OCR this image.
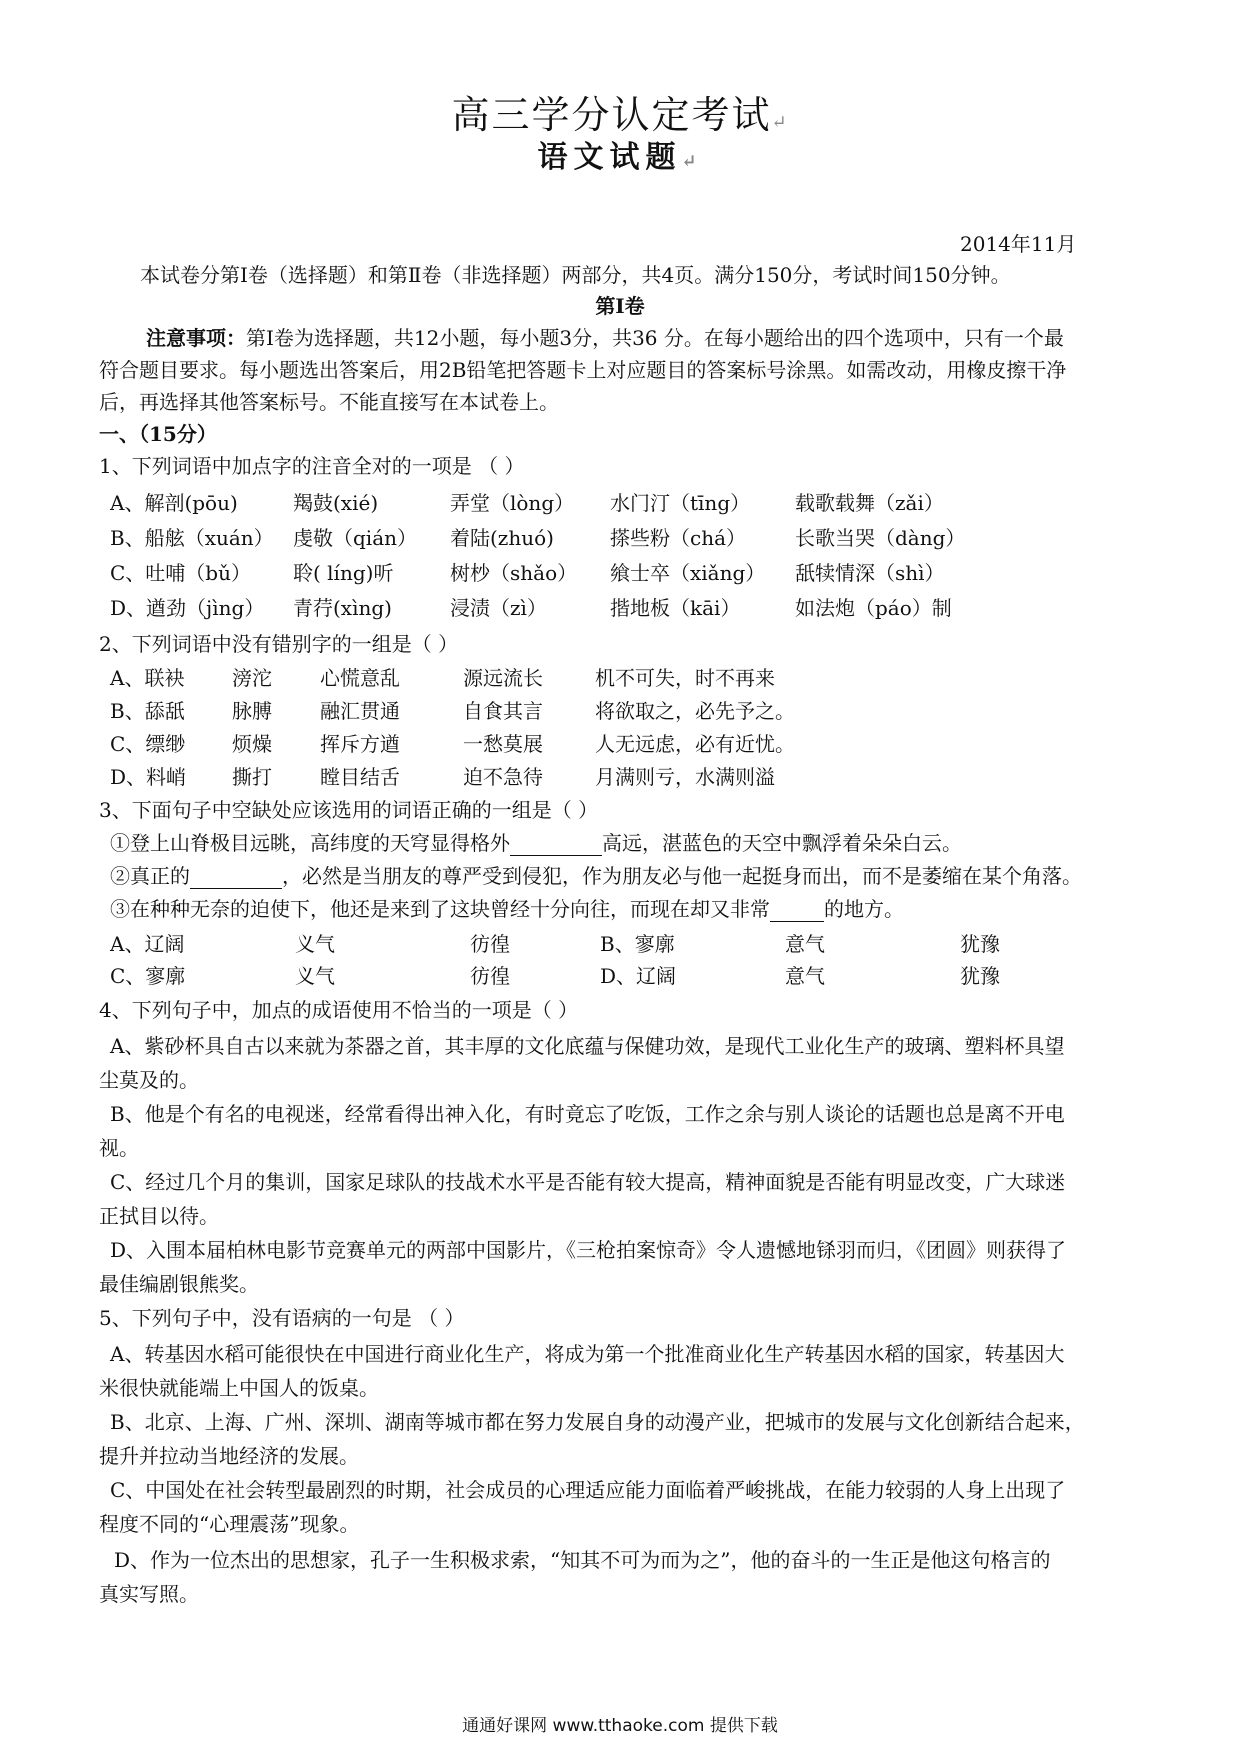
高三学分认定考试↵
语文试题↵
2014年11月
本试卷分第Ⅰ卷（选择题）和第Ⅱ卷（非选择题）两部分，共4页。满分150分，考试时间150分钟。
第Ⅰ卷
注意事项：第Ⅰ卷为选择题，共12小题，每小题3分，共36 分。在每小题给出的四个选项中，只有一个最
符合题目要求。每小题选出答案后，用2B铅笔把答题卡上对应题目的答案标号涂黑。如需改动，用橡皮擦干净
后，再选择其他答案标号。不能直接写在本试卷上。
一、（15分）
1、下列词语中加点字的注音全对的一项是 （ ）
A、解剖(pōu)	羯鼓(xié)	弄堂（lòng） 水门汀（tīng） 载歌载舞（zǎi）
B、船舷（xuán） 虔敬（qián） 着陆(zhuó)	搽些粉（chá） 长歌当哭（dàng）
C、吐哺（bǔ） 聆( líng)听	树杪（shǎo） 飨士卒（xiǎng） 舐犊情深（shì）
D、遒劲（jìng） 青荇(xìng)	浸渍（zì）	揩地板（kāi）	如法炮（páo）制
2、下列词语中没有错别字的一组是（ ）
A、联袂 滂沱 心慌意乱	源远流长	机不可失，时不再来
B、舔舐 脉膊 融汇贯通	自食其言	将欲取之，必先予之。
C、缥缈 烦燥 挥斥方遒	一愁莫展	人无远虑，必有近忧。
D、料峭 撕打 瞠目结舌	迫不急待	月满则亏，水满则溢
3、下面句子中空缺处应该选用的词语正确的一组是（ ）
①登上山脊极目远眺，高纬度的天穹显得格外	高远，湛蓝色的天空中飘浮着朵朵白云。
②真正的	，必然是当朋友的尊严受到侵犯，作为朋友必与他一起挺身而出，而不是萎缩在某个角落。
③在种种无奈的迫使下，他还是来到了这块曾经十分向往，而现在却又非常	的地方。
A、辽阔	义气	彷徨	B、寥廓	意气	犹豫
C、寥廓	义气	彷徨	D、辽阔	意气	犹豫
4、下列句子中，加点的成语使用不恰当的一项是（ ）
A、紫砂杯具自古以来就为茶器之首，其丰厚的文化底蕴与保健功效，是现代工业化生产的玻璃、塑料杯具望
尘莫及的。
B、他是个有名的电视迷，经常看得出神入化，有时竟忘了吃饭，工作之余与别人谈论的话题也总是离不开电
视。
C、经过几个月的集训，国家足球队的技战术水平是否能有较大提高，精神面貌是否能有明显改变，广大球迷
正拭目以待。
D、入围本届柏林电影节竞赛单元的两部中国影片，《三枪拍案惊奇》令人遗憾地铩羽而归，《团圆》则获得了
最佳编剧银熊奖。
5、下列句子中，没有语病的一句是 （ ）
A、转基因水稻可能很快在中国进行商业化生产，将成为第一个批准商业化生产转基因水稻的国家，转基因大
米很快就能端上中国人的饭桌。
B、北京、上海、广州、深圳、湖南等城市都在努力发展自身的动漫产业，把城市的发展与文化创新结合起来，
提升并拉动当地经济的发展。
C、中国处在社会转型最剧烈的时期，社会成员的心理适应能力面临着严峻挑战，在能力较弱的人身上出现了
程度不同的“心理震荡”现象。
D、作为一位杰出的思想家，孔子一生积极求索，“知其不可为而为之”，他的奋斗的一生正是他这句格言的
真实写照。
通通好课网 www.tthaoke.com 提供下载
